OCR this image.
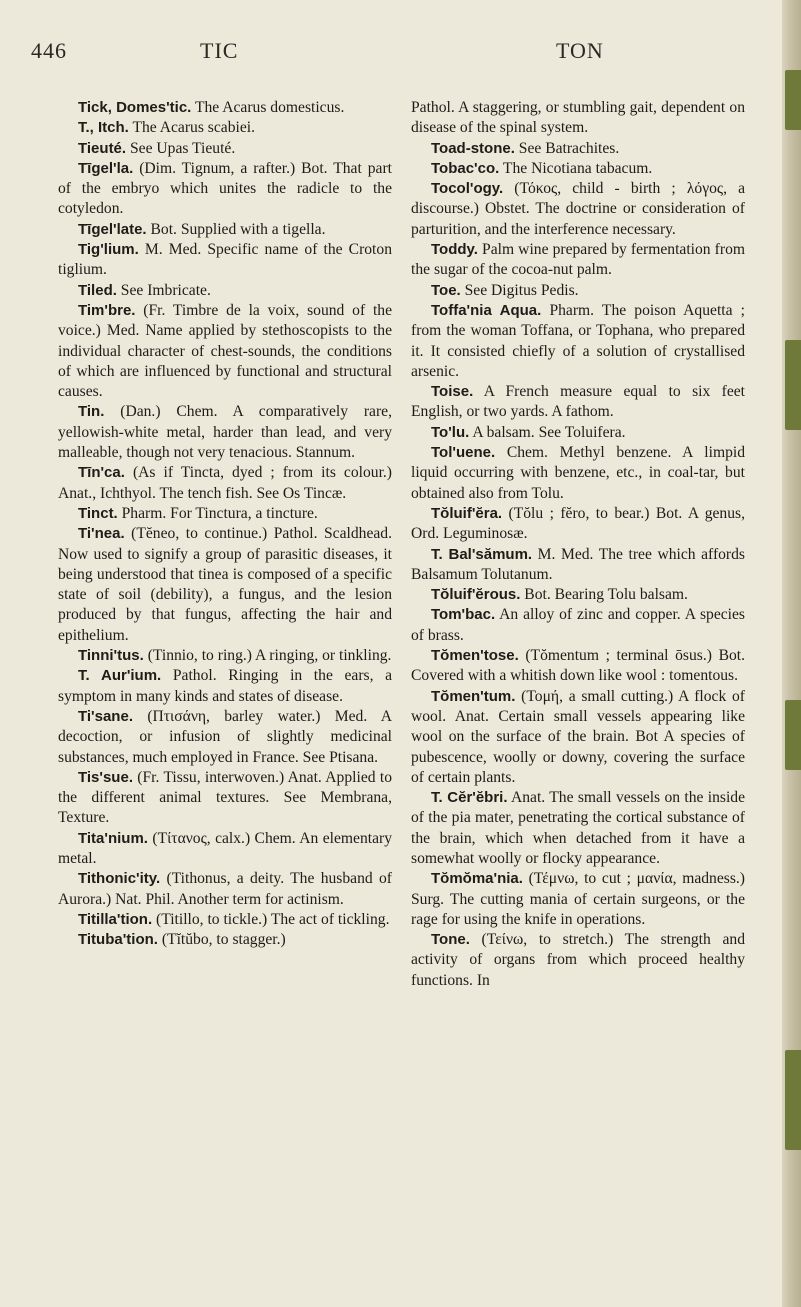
446	TIC	TON

Tick, Domes'tic. The Acarus domesticus.

T., Itch. The Acarus scabiei.

Tieuté. See Upas Tieuté.

Tīgel'la. (Dim. Tignum, a rafter.) Bot. That part of the embryo which unites the radicle to the cotyledon.

Tīgel'late. Bot. Supplied with a tigella.

Tig'lium. M. Med. Specific name of the Croton tiglium.

Tiled. See Imbricate.

Tim'bre. (Fr. Timbre de la voix, sound of the voice.) Med. Name applied by stethoscopists to the individual character of chest-sounds, the conditions of which are influenced by functional and structural causes.

Tin. (Dan.) Chem. A comparatively rare, yellowish-white metal, harder than lead, and very malleable, though not very tenacious. Stannum.

Tīn'ca. (As if Tincta, dyed ; from its colour.) Anat., Ichthyol. The tench fish. See Os Tincæ.

Tinct. Pharm. For Tinctura, a tincture.

Ti'nea. (Tĕneo, to continue.) Pathol. Scaldhead. Now used to signify a group of parasitic diseases, it being understood that tinea is composed of a specific state of soil (debility), a fungus, and the lesion produced by that fungus, affecting the hair and epithelium.

Tinni'tus. (Tinnio, to ring.) A ringing, or tinkling.

T. Aur'ium. Pathol. Ringing in the ears, a symptom in many kinds and states of disease.

Ti'sane. (Πτισάνη, barley water.) Med. A decoction, or infusion of slightly medicinal substances, much employed in France. See Ptisana.

Tis'sue. (Fr. Tissu, interwoven.) Anat. Applied to the different animal textures. See Membrana, Texture.

Tita'nium. (Τίτανος, calx.) Chem. An elementary metal.

Tithonic'ity. (Tithonus, a deity. The husband of Aurora.) Nat. Phil. Another term for actinism.

Titilla'tion. (Titillo, to tickle.) The act of tickling.

Tituba'tion. (Tĭtŭbo, to stagger.)

Pathol. A staggering, or stumbling gait, dependent on disease of the spinal system.

Toad-stone. See Batrachites.

Tobac'co. The Nicotiana tabacum.

Tocol'ogy. (Τόκος, child - birth ; λόγος, a discourse.) Obstet. The doctrine or consideration of parturition, and the interference necessary.

Toddy. Palm wine prepared by fermentation from the sugar of the cocoa-nut palm.

Toe. See Digitus Pedis.

Toffa'nia Aqua. Pharm. The poison Aquetta ; from the woman Toffana, or Tophana, who prepared it. It consisted chiefly of a solution of crystallised arsenic.

Toise. A French measure equal to six feet English, or two yards. A fathom.

To'lu. A balsam. See Toluifera.

Tol'uene. Chem. Methyl benzene. A limpid liquid occurring with benzene, etc., in coal-tar, but obtained also from Tolu.

Tŏluif'ĕra. (Tŏlu ; fĕro, to bear.) Bot. A genus, Ord. Leguminosæ.

T. Bal'sămum. M. Med. The tree which affords Balsamum Tolutanum.

Tŏluif'ĕrous. Bot. Bearing Tolu balsam.

Tom'bac. An alloy of zinc and copper. A species of brass.

Tŏmen'tose. (Tŏmentum ; terminal ōsus.) Bot. Covered with a whitish down like wool : tomentous.

Tŏmen'tum. (Τομή, a small cutting.) A flock of wool. Anat. Certain small vessels appearing like wool on the surface of the brain. Bot A species of pubescence, woolly or downy, covering the surface of certain plants.

T. Cĕr'ĕbri. Anat. The small vessels on the inside of the pia mater, penetrating the cortical substance of the brain, which when detached from it have a somewhat woolly or flocky appearance.

Tŏmŏma'nia. (Τέμνω, to cut ; μανία, madness.) Surg. The cutting mania of certain surgeons, or the rage for using the knife in operations.

Tone. (Τείνω, to stretch.) The strength and activity of organs from which proceed healthy functions. In
